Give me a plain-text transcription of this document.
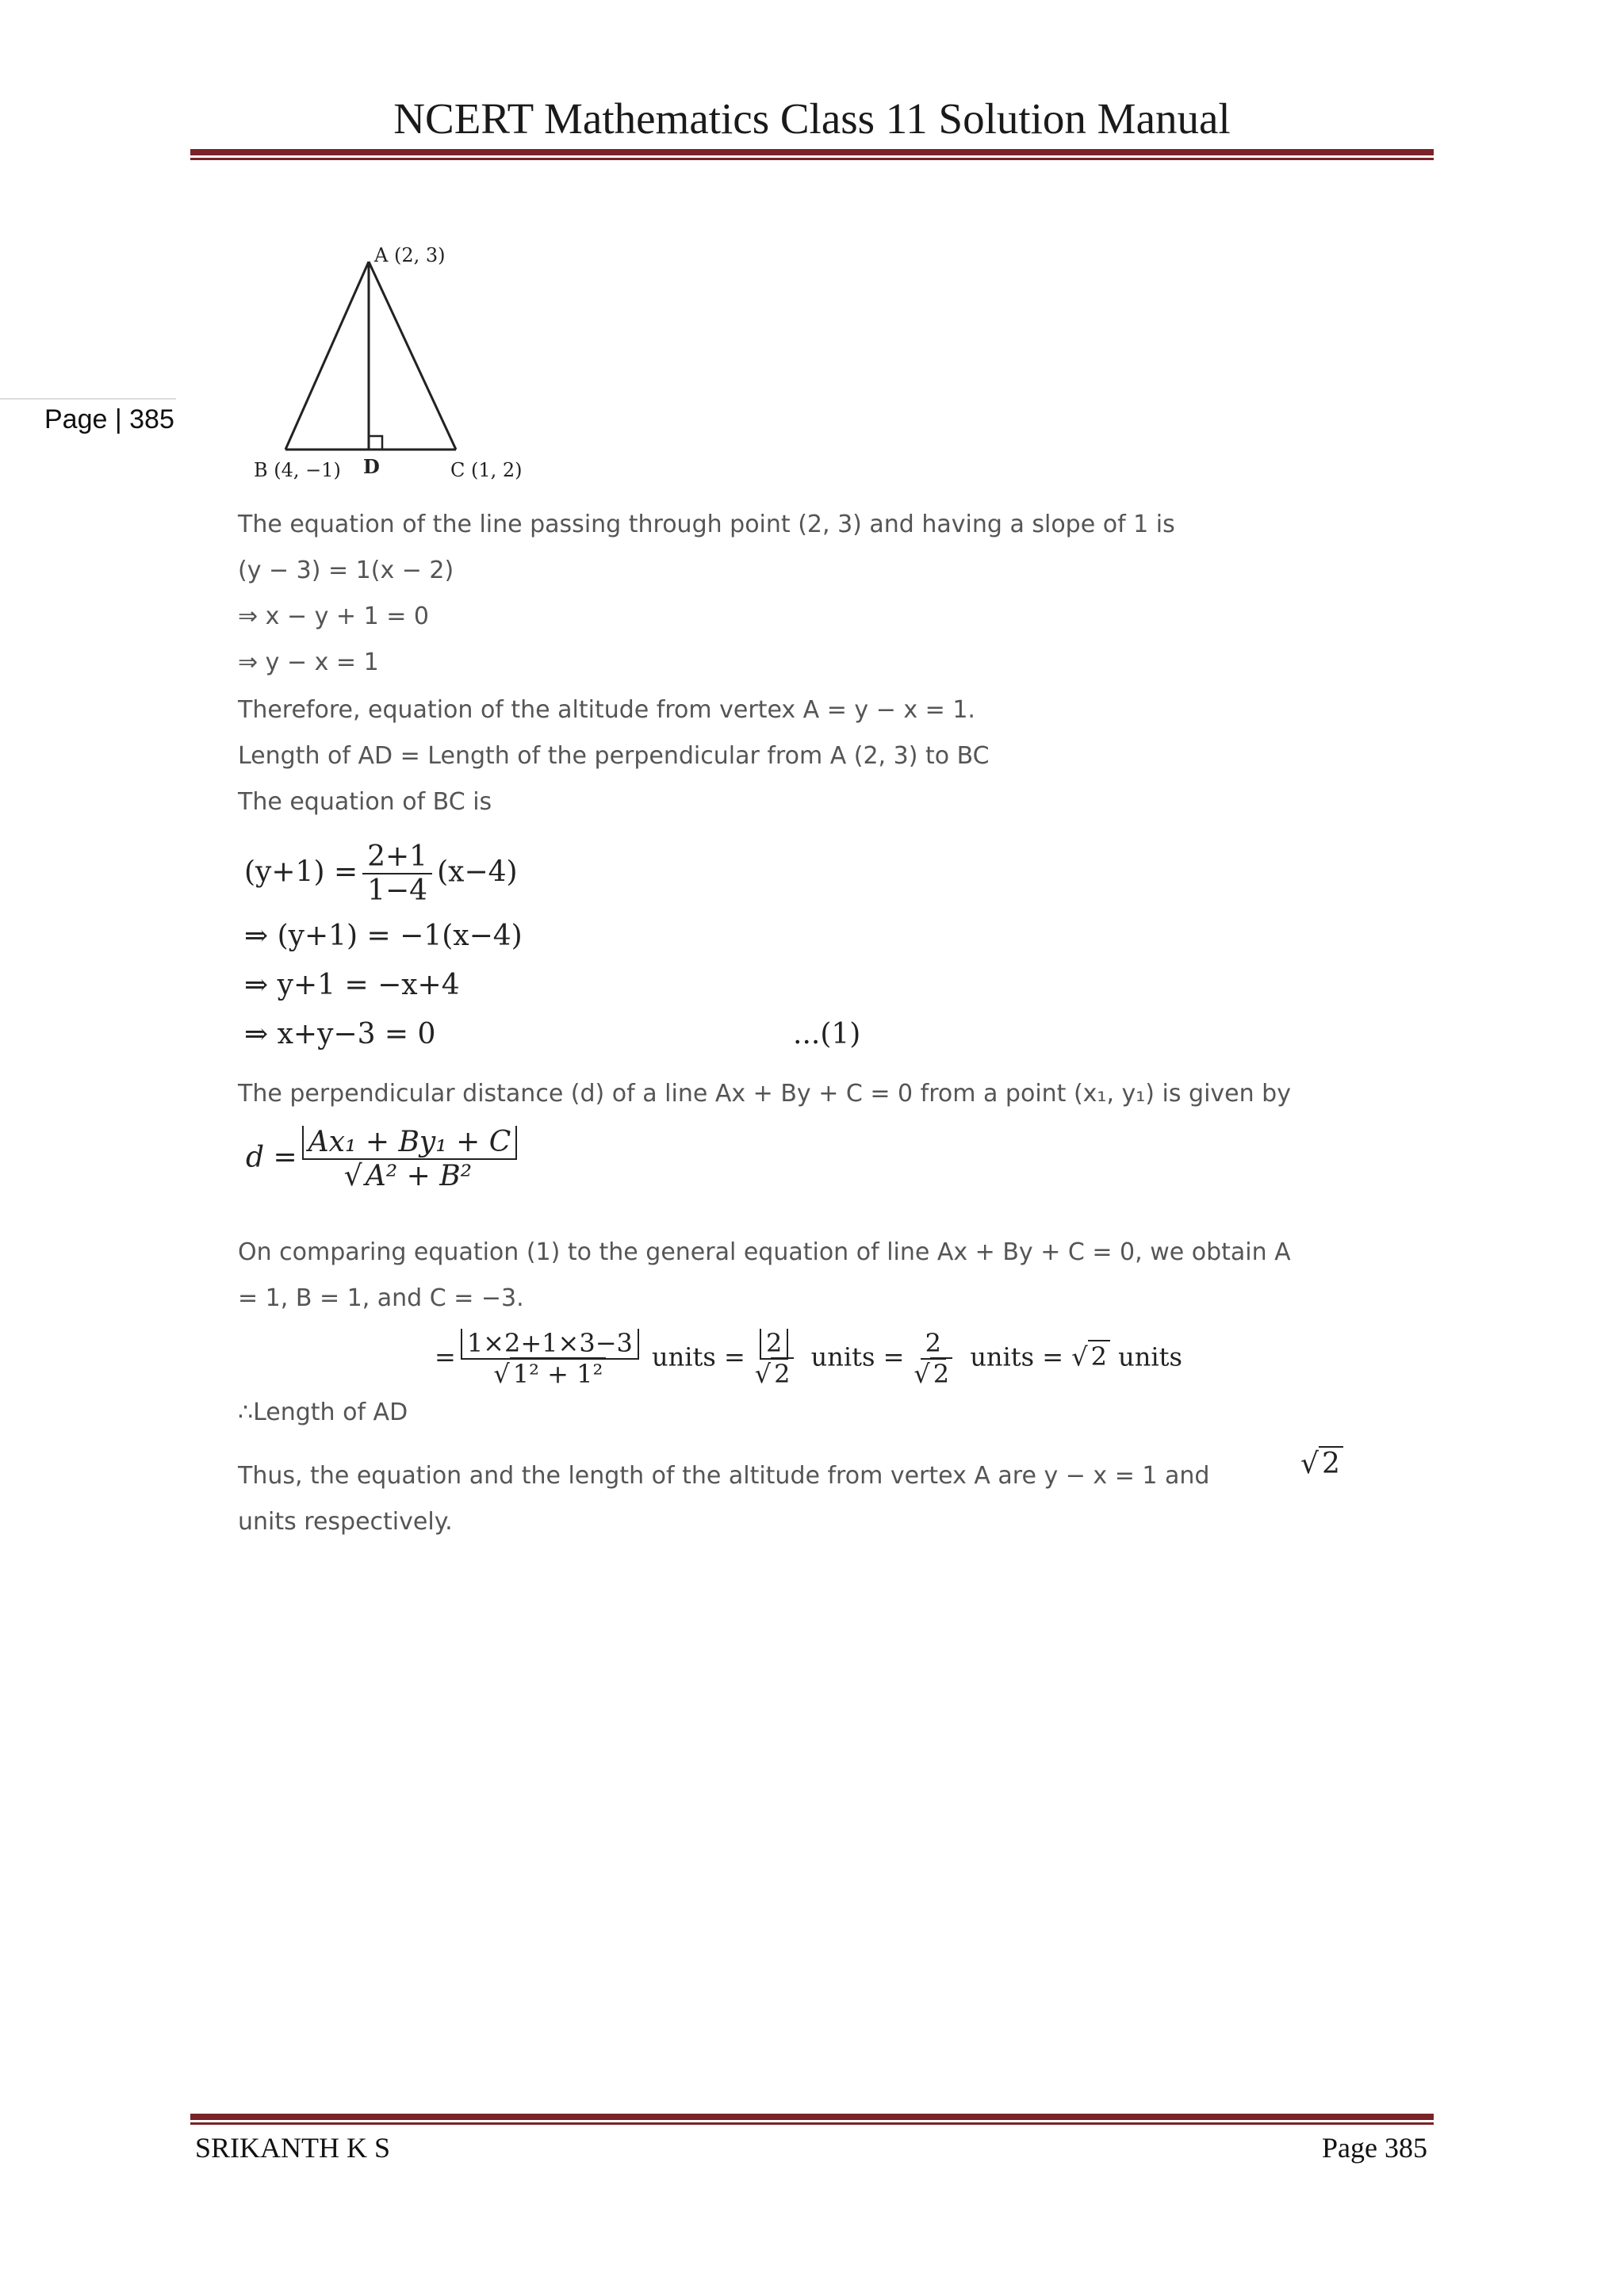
NCERT Mathematics Class 11 Solution Manual
Page | 385
A (2, 3)
B (4, −1) D	C (1, 2)
The equation of the line passing through point (2, 3) and having a slope of 1 is
(y − 3) = 1(x − 2)
⇒ x − y + 1 = 0
⇒ y − x = 1
Therefore, equation of the altitude from vertex A = y − x = 1.
Length of AD = Length of the perpendicular from A (2, 3) to BC
The equation of BC is
$(y+1) = \frac{2+1}{1-4} (x-4)$
⇒ (y+1) = −1(x−4)
⇒ y+1 = −x+4
⇒ x+y−3 = 0	...(1)
The perpendicular distance (d) of a line Ax + By + C = 0 from a point (x₁, y₁) is given by
$d = \frac{\text{Ax₁ + By₁ + C}}{\text{√ A² + B²}}$
On comparing equation (1) to the general equation of line Ax + By + C = 0, we obtain A
= 1, B = 1, and C = −3.
∴Length of AD
= $\frac{1\times 2+1\times 3-3}{\text{√ 1² + 1²}}$ units = $\frac{2}{√ 2}$ units = $\frac{2}{√ 2}$ units = √ 2 units
Thus, the equation and the length of the altitude from vertex A are y − x = 1 and	√ 2
units respectively.
SRIKANTH K S	Page 385
